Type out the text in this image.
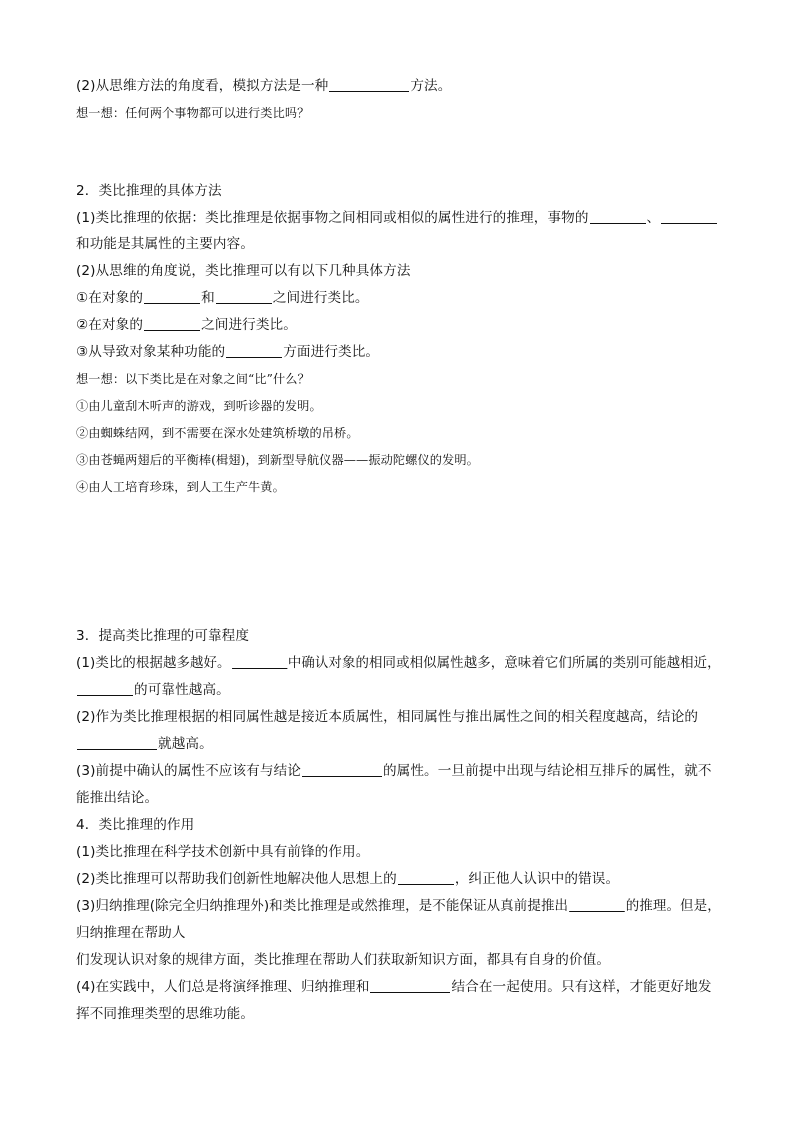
(2)从思维方法的角度看，模拟方法是一种	方法。
想一想：任何两个事物都可以进行类比吗？
2．类比推理的具体方法
(1)类比推理的依据：类比推理是依据事物之间相同或相似的属性进行的推理，事物的	、
和功能是其属性的主要内容。
(2)从思维的角度说，类比推理可以有以下几种具体方法
①在对象的	和	之间进行类比。
②在对象的	之间进行类比。
③从导致对象某种功能的	方面进行类比。
想一想：以下类比是在对象之间“比”什么？
①由儿童刮木听声的游戏，到听诊器的发明。
②由蜘蛛结网，到不需要在深水处建筑桥墩的吊桥。
③由苍蝇两翅后的平衡棒(楫翅)，到新型导航仪器——振动陀螺仪的发明。
④由人工培育珍珠，到人工生产牛黄。
3．提高类比推理的可靠程度
(1)类比的根据越多越好。	中确认对象的相同或相似属性越多，意味着它们所属的类别可能越相近，
的可靠性越高。
(2)作为类比推理根据的相同属性越是接近本质属性，相同属性与推出属性之间的相关程度越高，结论的
就越高。
(3)前提中确认的属性不应该有与结论	的属性。一旦前提中出现与结论相互排斥的属性，就不
能推出结论。
4．类比推理的作用
(1)类比推理在科学技术创新中具有前锋的作用。
(2)类比推理可以帮助我们创新性地解决他人思想上的	，纠正他人认识中的错误。
(3)归纳推理(除完全归纳推理外)和类比推理是或然推理，是不能保证从真前提推出	的推理。但是，
归纳推理在帮助人
们发现认识对象的规律方面，类比推理在帮助人们获取新知识方面，都具有自身的价值。
(4)在实践中，人们总是将演绎推理、归纳推理和	结合在一起使用。只有这样，才能更好地发
挥不同推理类型的思维功能。
